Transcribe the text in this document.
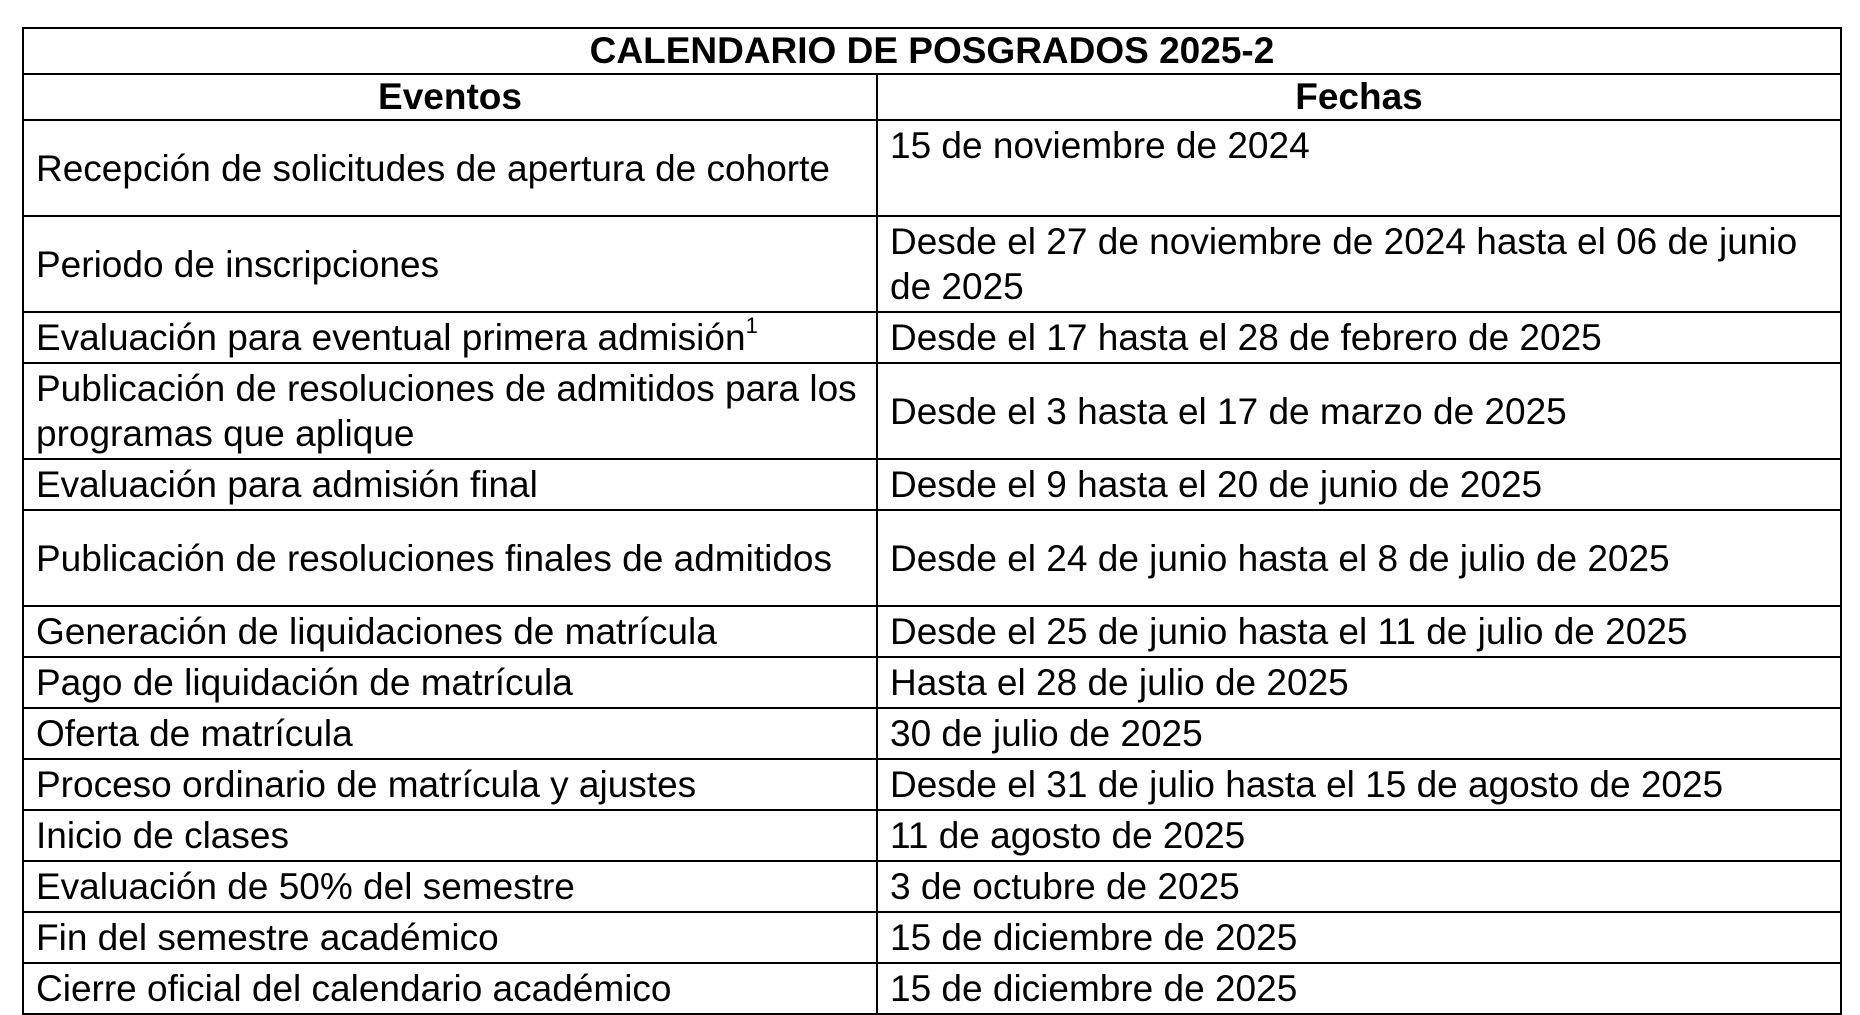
CALENDARIO DE POSGRADOS 2025-2	
Eventos	Fechas
Recepción de solicitudes de apertura de cohorte	15 de noviembre de 2024
Periodo de inscripciones	Desde el 27 de noviembre de 2024 hasta el 06 de junio de 2025
Evaluación para eventual primera admisión$^1$	Desde el 17 hasta el 28 de febrero de 2025
Publicación de resoluciones de admitidos para los programas que aplique	Desde el 3 hasta el 17 de marzo de 2025
Evaluación para admisión final	Desde el 9 hasta el 20 de junio de 2025
Publicación de resoluciones finales de admitidos	Desde el 24 de junio hasta el 8 de julio de 2025
Generación de liquidaciones de matrícula	Desde el 25 de junio hasta el 11 de julio de 2025
Pago de liquidación de matrícula	Hasta el 28 de julio de 2025
Oferta de matrícula	30 de julio de 2025
Proceso ordinario de matrícula y ajustes	Desde el 31 de julio hasta el 15 de agosto de 2025
Inicio de clases	11 de agosto de 2025
Evaluación de 50% del semestre	3 de octubre de 2025
Fin del semestre académico	15 de diciembre de 2025
Cierre oficial del calendario académico	15 de diciembre de 2025
